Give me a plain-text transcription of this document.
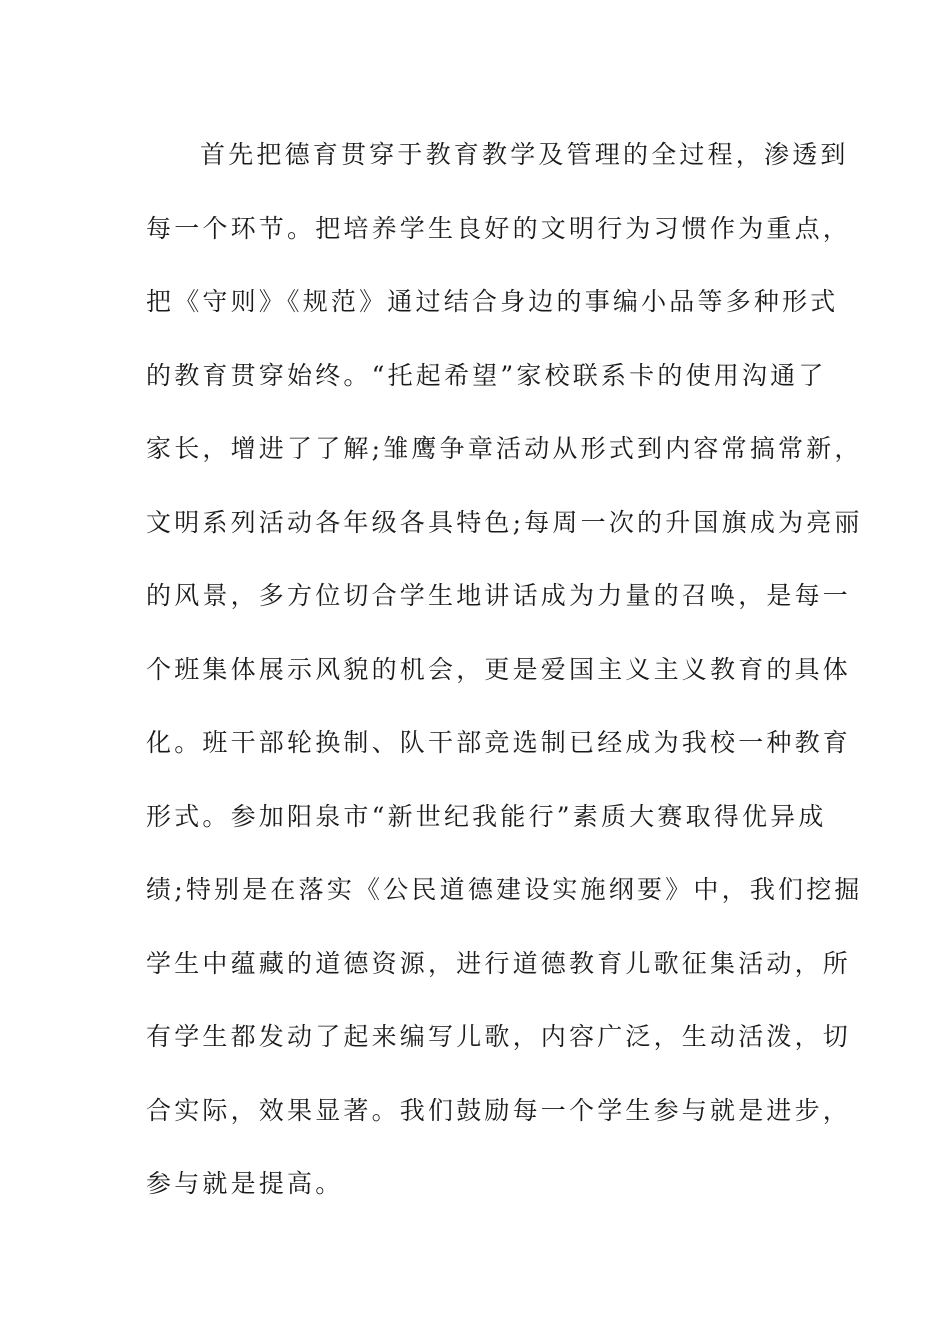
首先把德育贯穿于教育教学及管理的全过程，渗透到
每一个环节。把培养学生良好的文明行为习惯作为重点，
把《守则》《规范》通过结合身边的事编小品等多种形式
的教育贯穿始终。“托起希望”家校联系卡的使用沟通了
家长，增进了了解;雏鹰争章活动从形式到内容常搞常新，
文明系列活动各年级各具特色;每周一次的升国旗成为亮丽
的风景，多方位切合学生地讲话成为力量的召唤，是每一
个班集体展示风貌的机会，更是爱国主义主义教育的具体
化。班干部轮换制、队干部竞选制已经成为我校一种教育
形式。参加阳泉市“新世纪我能行”素质大赛取得优异成
绩;特别是在落实《公民道德建设实施纲要》中，我们挖掘
学生中蕴藏的道德资源，进行道德教育儿歌征集活动，所
有学生都发动了起来编写儿歌，内容广泛，生动活泼，切
合实际，效果显著。我们鼓励每一个学生参与就是进步，
参与就是提高。
